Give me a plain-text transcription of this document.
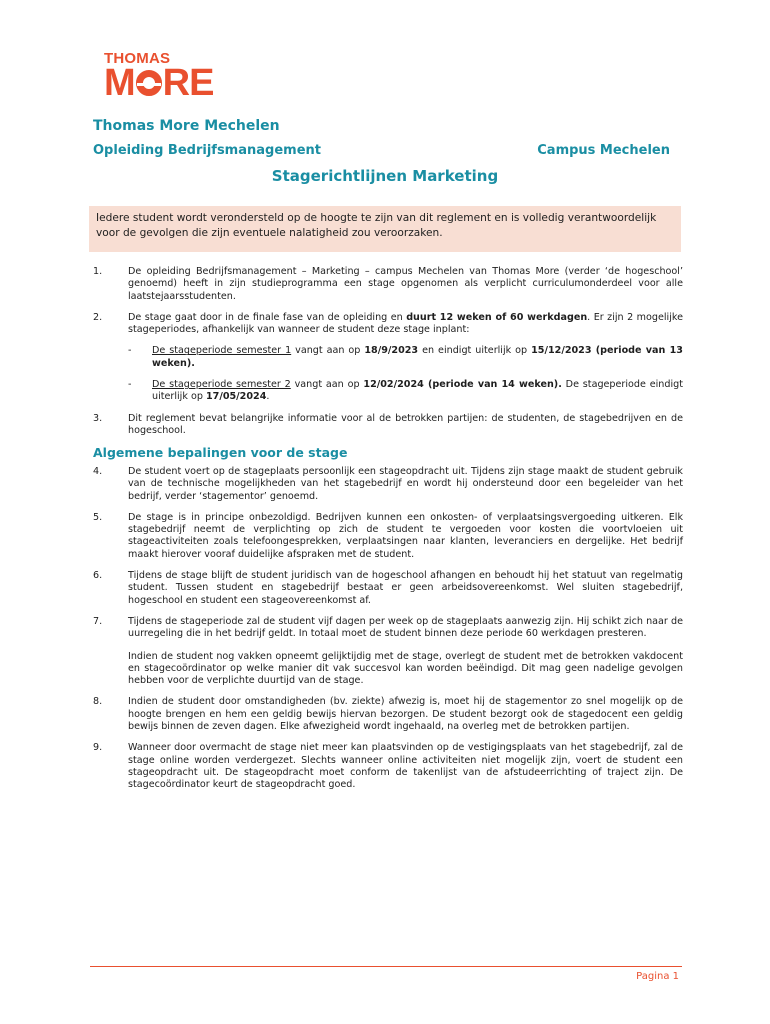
THOMAS
M RE
Thomas More Mechelen
Opleiding Bedrijfsmanagement	Campus Mechelen
Stagerichtlijnen Marketing
Iedere student wordt verondersteld op de hoogte te zijn van dit reglement en is volledig verantwoordelijk voor de gevolgen die zijn eventuele nalatigheid zou veroorzaken.
1.	De opleiding Bedrijfsmanagement – Marketing – campus Mechelen van Thomas More (verder ‘de hogeschool’ genoemd) heeft in zijn studieprogramma een stage opgenomen als verplicht curriculumonderdeel voor alle laatstejaarsstudenten.
2.	De stage gaat door in de finale fase van de opleiding en duurt 12 weken of 60 werkdagen. Er zijn 2 mogelijke stageperiodes, afhankelijk van wanneer de student deze stage inplant:
-	De stageperiode semester 1 vangt aan op 18/9/2023 en eindigt uiterlijk op 15/12/2023 (periode van 13 weken).
-	De stageperiode semester 2 vangt aan op 12/02/2024 (periode van 14 weken). De stageperiode eindigt uiterlijk op 17/05/2024.
3.	Dit reglement bevat belangrijke informatie voor al de betrokken partijen: de studenten, de stagebedrijven en de hogeschool.
Algemene bepalingen voor de stage
4.	De student voert op de stageplaats persoonlijk een stageopdracht uit. Tijdens zijn stage maakt de student gebruik van de technische mogelijkheden van het stagebedrijf en wordt hij ondersteund door een begeleider van het bedrijf, verder ‘stagementor’ genoemd.
5.	De stage is in principe onbezoldigd. Bedrijven kunnen een onkosten- of verplaatsingsvergoeding uitkeren. Elk stagebedrijf neemt de verplichting op zich de student te vergoeden voor kosten die voortvloeien uit stageactiviteiten zoals telefoongesprekken, verplaatsingen naar klanten, leveranciers en dergelijke. Het bedrijf maakt hierover vooraf duidelijke afspraken met de student.
6.	Tijdens de stage blijft de student juridisch van de hogeschool afhangen en behoudt hij het statuut van regelmatig student. Tussen student en stagebedrijf bestaat er geen arbeidsovereenkomst. Wel sluiten stagebedrijf, hogeschool en student een stageovereenkomst af.
7.	Tijdens de stageperiode zal de student vijf dagen per week op de stageplaats aanwezig zijn. Hij schikt zich naar de uurregeling die in het bedrijf geldt. In totaal moet de student binnen deze periode 60 werkdagen presteren.
Indien de student nog vakken opneemt gelijktijdig met de stage, overlegt de student met de betrokken vakdocent en stagecoördinator op welke manier dit vak succesvol kan worden beëindigd. Dit mag geen nadelige gevolgen hebben voor de verplichte duurtijd van de stage.
8.	Indien de student door omstandigheden (bv. ziekte) afwezig is, moet hij de stagementor zo snel mogelijk op de hoogte brengen en hem een geldig bewijs hiervan bezorgen. De student bezorgt ook de stagedocent een geldig bewijs binnen de zeven dagen. Elke afwezigheid wordt ingehaald, na overleg met de betrokken partijen.
9.	Wanneer door overmacht de stage niet meer kan plaatsvinden op de vestigingsplaats van het stagebedrijf, zal de stage online worden verdergezet. Slechts wanneer online activiteiten niet mogelijk zijn, voert de student een stageopdracht uit. De stageopdracht moet conform de takenlijst van de afstudeerrichting of traject zijn. De stagecoördinator keurt de stageopdracht goed.
Pagina 1
